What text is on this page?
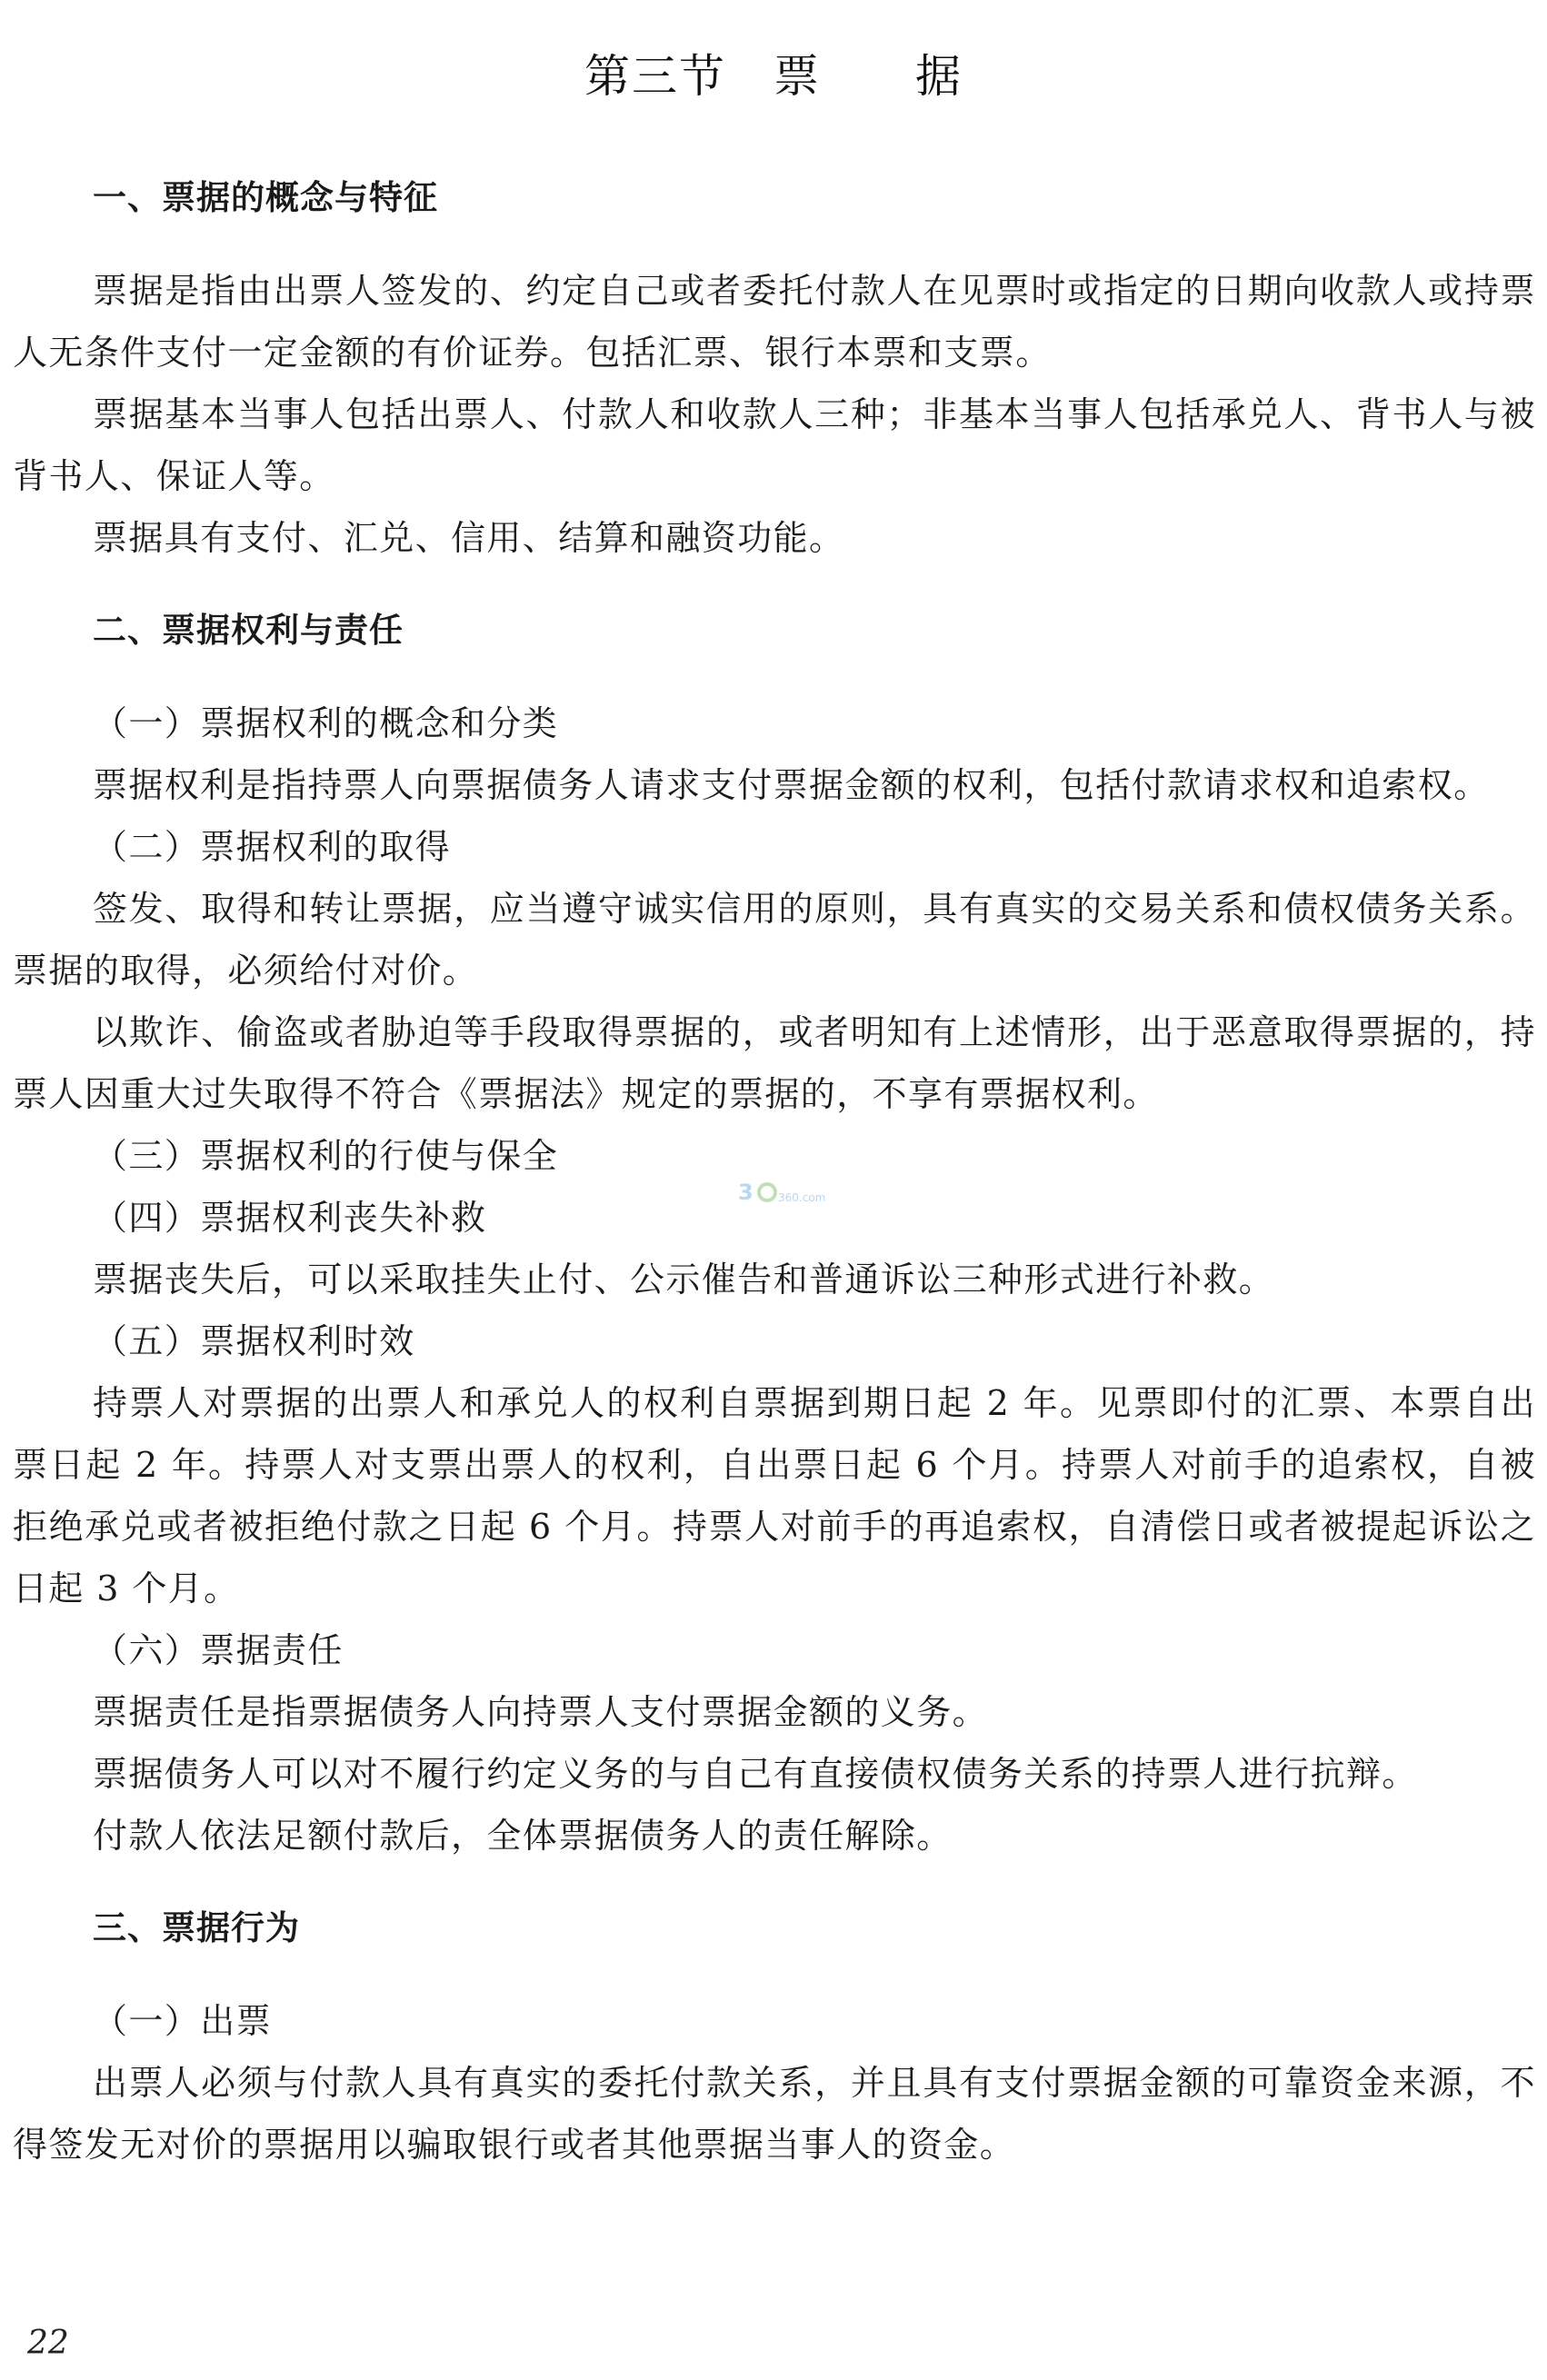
第三节　票　　据
一、票据的概念与特征

票据是指由出票人签发的、约定自己或者委托付款人在见票时或指定的日期向收款人或持票人无条件支付一定金额的有价证券。包括汇票、银行本票和支票。

票据基本当事人包括出票人、付款人和收款人三种；非基本当事人包括承兑人、背书人与被背书人、保证人等。

票据具有支付、汇兑、信用、结算和融资功能。

二、票据权利与责任
（一）票据权利的概念和分类

票据权利是指持票人向票据债务人请求支付票据金额的权利，包括付款请求权和追索权。

（二）票据权利的取得

签发、取得和转让票据，应当遵守诚实信用的原则，具有真实的交易关系和债权债务关系。票据的取得，必须给付对价。

以欺诈、偷盗或者胁迫等手段取得票据的，或者明知有上述情形，出于恶意取得票据的，持票人因重大过失取得不符合《票据法》规定的票据的，不享有票据权利。

（三）票据权利的行使与保全
（四）票据权利丧失补救

票据丧失后，可以采取挂失止付、公示催告和普通诉讼三种形式进行补救。

（五）票据权利时效

持票人对票据的出票人和承兑人的权利自票据到期日起 2 年。见票即付的汇票、本票自出票日起 2 年。持票人对支票出票人的权利，自出票日起 6 个月。持票人对前手的追索权，自被拒绝承兑或者被拒绝付款之日起 6 个月。持票人对前手的再追索权，自清偿日或者被提起诉讼之日起 3 个月。

（六）票据责任

票据责任是指票据债务人向持票人支付票据金额的义务。

票据债务人可以对不履行约定义务的与自己有直接债权债务关系的持票人进行抗辩。

付款人依法足额付款后，全体票据债务人的责任解除。

三、票据行为
（一）出票

出票人必须与付款人具有真实的委托付款关系，并且具有支付票据金额的可靠资金来源，不得签发无对价的票据用以骗取银行或者其他票据当事人的资金。

3 360.com
22
